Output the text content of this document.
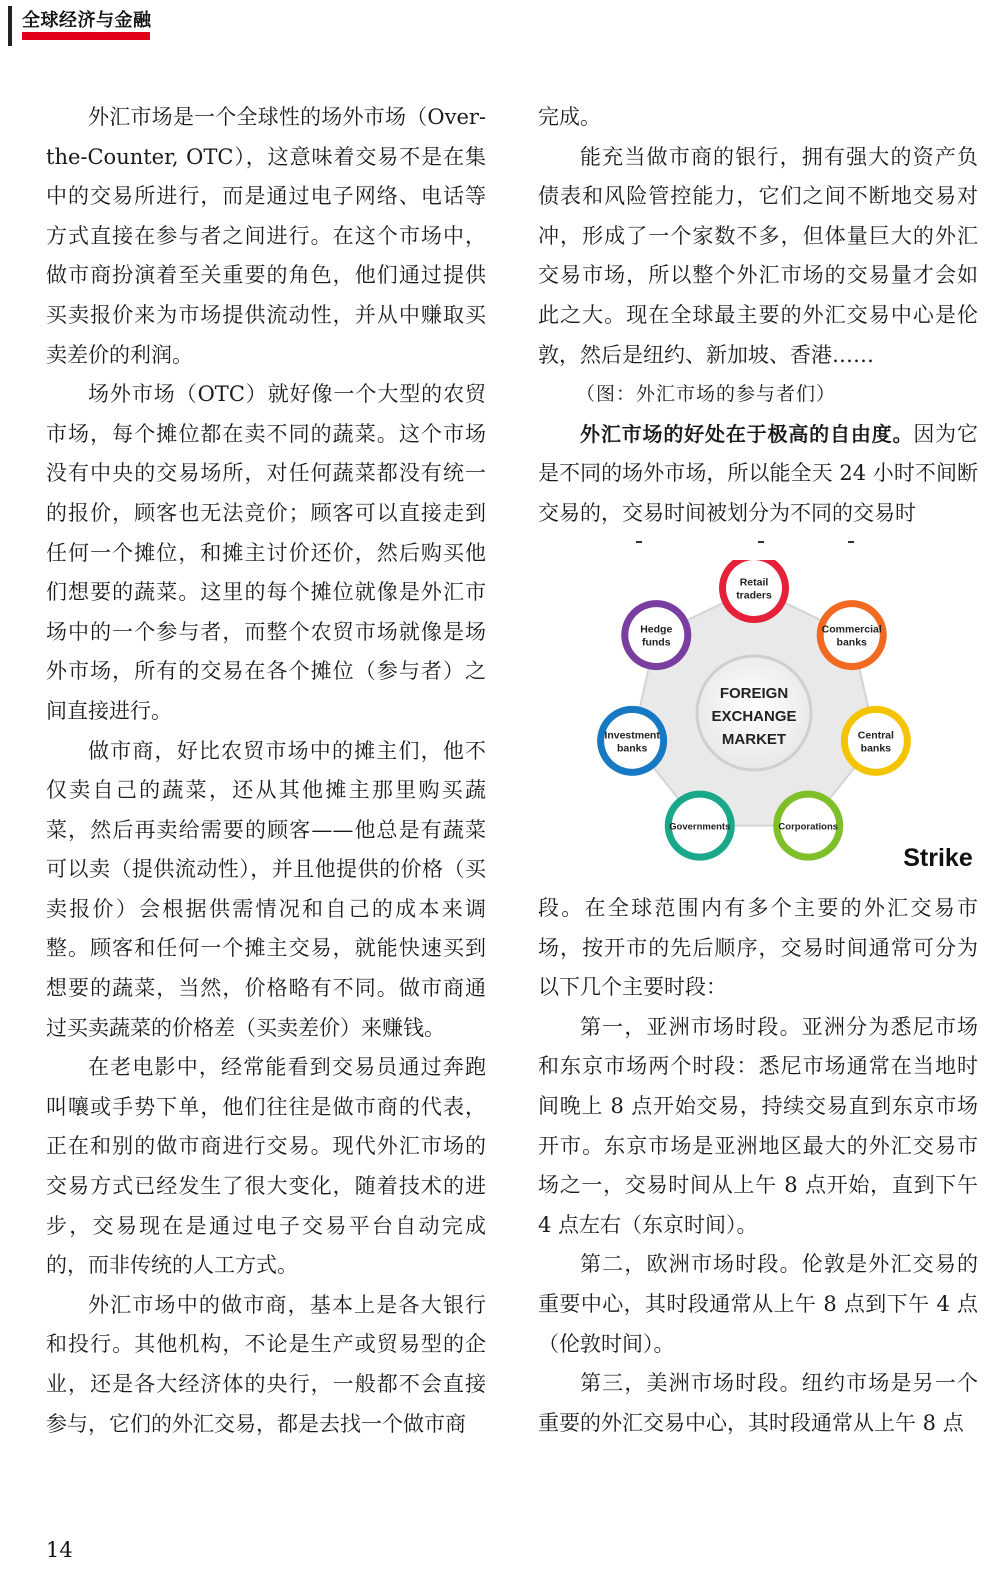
全球经济与金融

外汇市场是一个全球性的场外市场（Over-the-Counter, OTC），这意味着交易不是在集中的交易所进行，而是通过电子网络、电话等方式直接在参与者之间进行。在这个市场中，做市商扮演着至关重要的角色，他们通过提供买卖报价来为市场提供流动性，并从中赚取买卖差价的利润。

场外市场（OTC）就好像一个大型的农贸市场，每个摊位都在卖不同的蔬菜。这个市场没有中央的交易场所，对任何蔬菜都没有统一的报价，顾客也无法竞价；顾客可以直接走到任何一个摊位，和摊主讨价还价，然后购买他们想要的蔬菜。这里的每个摊位就像是外汇市场中的一个参与者，而整个农贸市场就像是场外市场，所有的交易在各个摊位（参与者）之间直接进行。

做市商，好比农贸市场中的摊主们，他不仅卖自己的蔬菜，还从其他摊主那里购买蔬菜，然后再卖给需要的顾客——他总是有蔬菜可以卖（提供流动性），并且他提供的价格（买卖报价）会根据供需情况和自己的成本来调整。顾客和任何一个摊主交易，就能快速买到想要的蔬菜，当然，价格略有不同。做市商通过买卖蔬菜的价格差（买卖差价）来赚钱。

在老电影中，经常能看到交易员通过奔跑叫嚷或手势下单，他们往往是做市商的代表，正在和别的做市商进行交易。现代外汇市场的交易方式已经发生了很大变化，随着技术的进步，交易现在是通过电子交易平台自动完成的，而非传统的人工方式。

外汇市场中的做市商，基本上是各大银行和投行。其他机构，不论是生产或贸易型的企业，还是各大经济体的央行，一般都不会直接参与，它们的外汇交易，都是去找一个做市商

完成。

能充当做市商的银行，拥有强大的资产负债表和风险管控能力，它们之间不断地交易对冲，形成了一个家数不多，但体量巨大的外汇交易市场，所以整个外汇市场的交易量才会如此之大。现在全球最主要的外汇交易中心是伦敦，然后是纽约、新加坡、香港……

（图：外汇市场的参与者们）

外汇市场的好处在于极高的自由度。因为它是不同的场外市场，所以能全天 24 小时不间断交易的，交易时间被划分为不同的交易时

Retail
traders
Commercial
banks
Central
banks
Corporations
Governments
Investment
banks
Hedge
funds
FOREIGN
EXCHANGE
MARKET
Strike

段。在全球范围内有多个主要的外汇交易市场，按开市的先后顺序，交易时间通常可分为以下几个主要时段：

第一，亚洲市场时段。亚洲分为悉尼市场和东京市场两个时段：悉尼市场通常在当地时间晚上 8 点开始交易，持续交易直到东京市场开市。东京市场是亚洲地区最大的外汇交易市场之一，交易时间从上午 8 点开始，直到下午 4 点左右（东京时间）。

第二，欧洲市场时段。伦敦是外汇交易的重要中心，其时段通常从上午 8 点到下午 4 点（伦敦时间）。

第三，美洲市场时段。纽约市场是另一个重要的外汇交易中心，其时段通常从上午 8 点

14
